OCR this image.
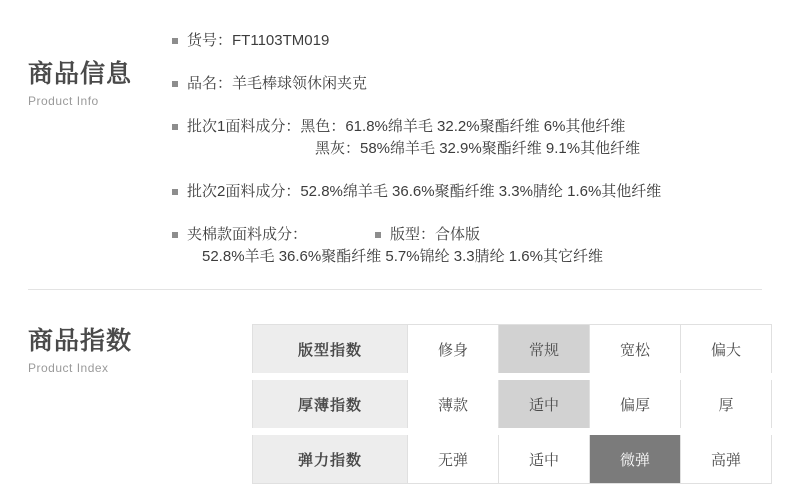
商品信息
Product Info
货号： FT1103TM019
品名： 羊毛棒球领休闲夹克
批次1面料成分：黑色：61.8%绵羊毛 32.2%聚酯纤维 6%其他纤维
黑灰：58%绵羊毛 32.9%聚酯纤维 9.1%其他纤维
批次2面料成分： 52.8%绵羊毛 36.6%聚酯纤维 3.3%腈纶 1.6%其他纤维
夹棉款面料成分：	版型： 合体版
52.8%羊毛 36.6%聚酯纤维 5.7%锦纶 3.3腈纶 1.6%其它纤维
商品指数
Product Index
版型指数	修身	常规	宽松	偏大
厚薄指数	薄款	适中	偏厚	厚
弹力指数	无弹	适中	微弹	高弹
